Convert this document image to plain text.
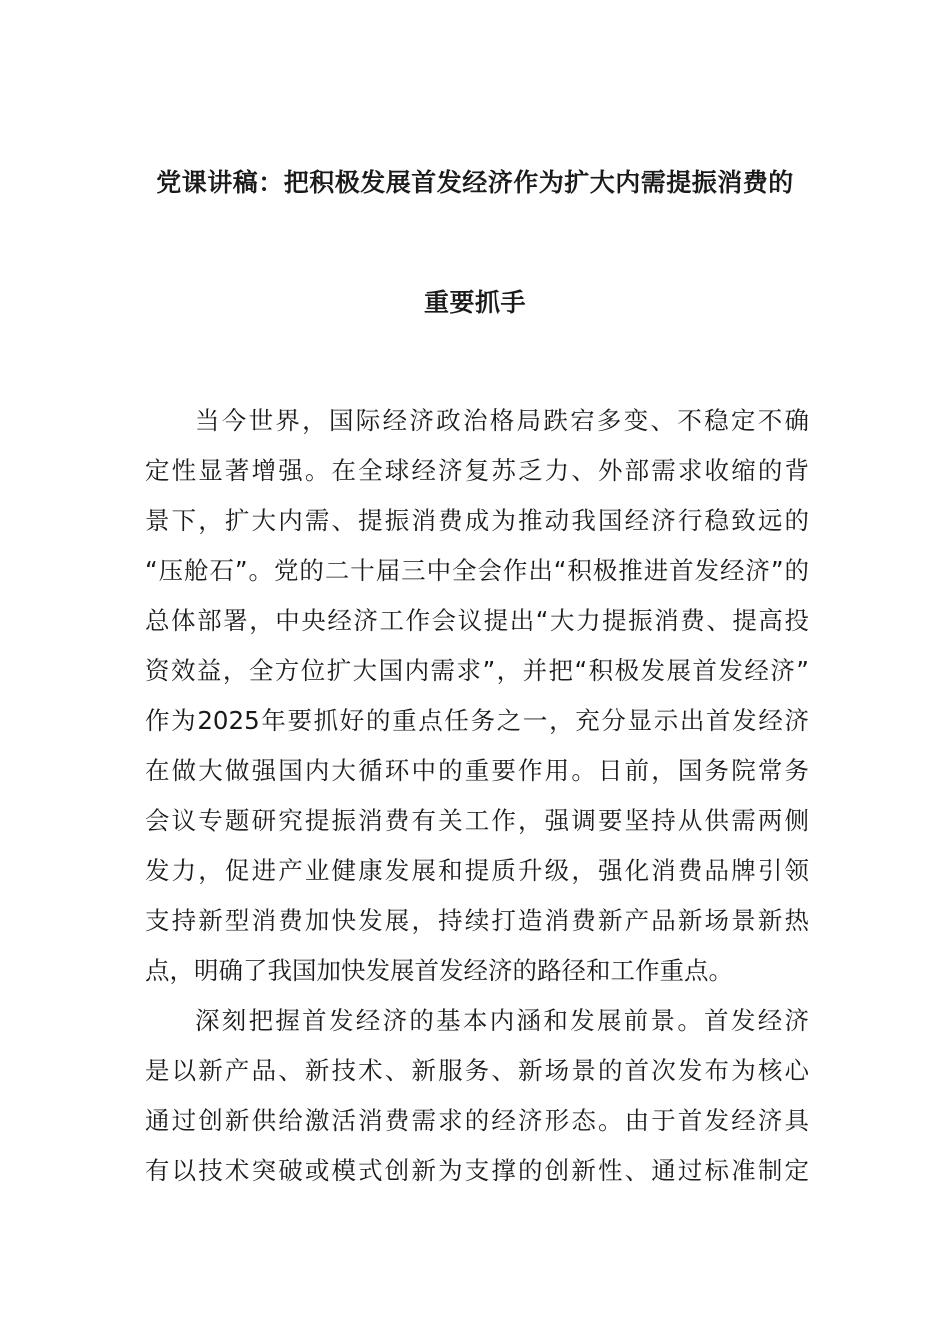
党课讲稿：把积极发展首发经济作为扩大内需提振消费的
重要抓手
当今世界，国际经济政治格局跌宕多变、不稳定不确
定性显著增强。在全球经济复苏乏力、外部需求收缩的背
景下，扩大内需、提振消费成为推动我国经济行稳致远的
“压舱石”。党的二十届三中全会作出“积极推进首发经济”的
总体部署，中央经济工作会议提出“大力提振消费、提高投
资效益，全方位扩大国内需求”，并把“积极发展首发经济”
作为2025年要抓好的重点任务之一，充分显示出首发经济
在做大做强国内大循环中的重要作用。日前，国务院常务
会议专题研究提振消费有关工作，强调要坚持从供需两侧
发力，促进产业健康发展和提质升级，强化消费品牌引领
支持新型消费加快发展，持续打造消费新产品新场景新热
点，明确了我国加快发展首发经济的路径和工作重点。
深刻把握首发经济的基本内涵和发展前景。首发经济
是以新产品、新技术、新服务、新场景的首次发布为核心
通过创新供给激活消费需求的经济形态。由于首发经济具
有以技术突破或模式创新为支撑的创新性、通过标准制定
